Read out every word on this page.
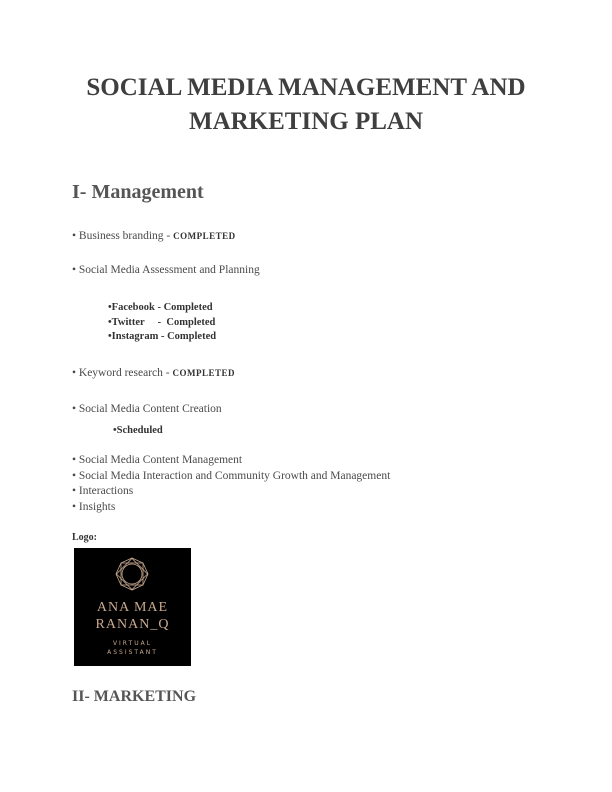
SOCIAL MEDIA MANAGEMENT AND
MARKETING PLAN
I- Management
• Business branding - COMPLETED
• Social Media Assessment and Planning
•Facebook - Completed
•Twitter     -  Completed
•Instagram - Completed
• Keyword research - COMPLETED
• Social Media Content Creation
•Scheduled
• Social Media Content Management
• Social Media Interaction and Community Growth and Management
• Interactions
• Insights
Logo:
ANA MAE
RANAN_Q
VIRTUAL
ASSISTANT
II- MARKETING
